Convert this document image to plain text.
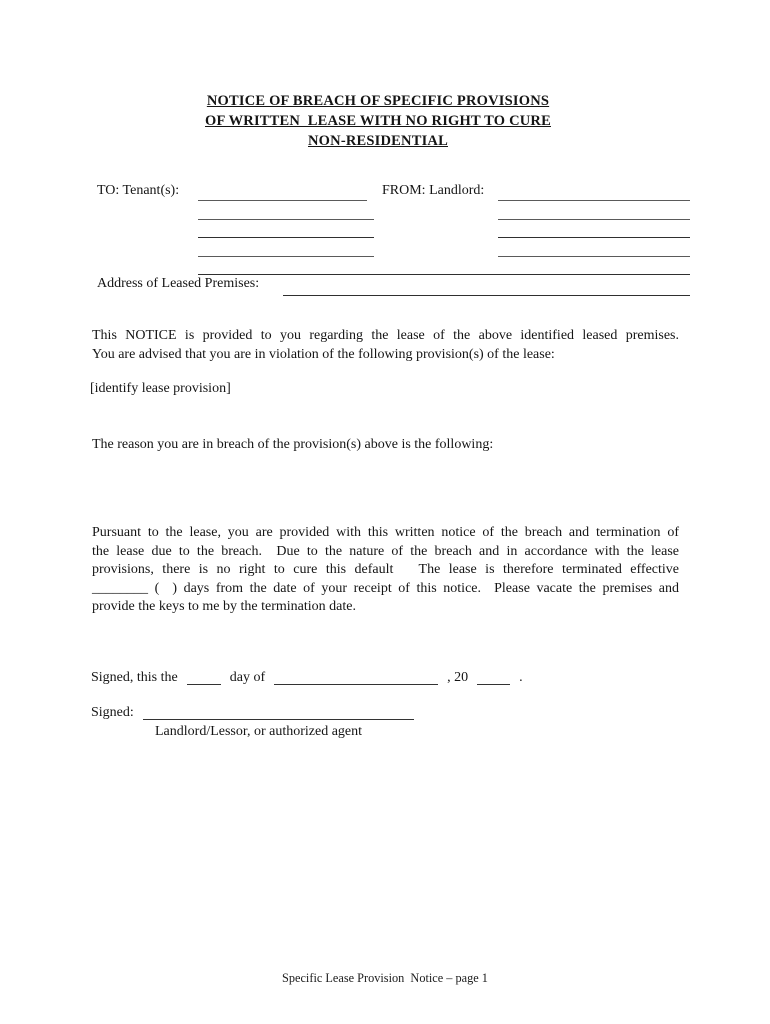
NOTICE OF BREACH OF SPECIFIC PROVISIONS
OF WRITTEN  LEASE WITH NO RIGHT TO CURE
NON-RESIDENTIAL
TO: Tenant(s):	FROM: Landlord:
Address of Leased Premises:
This NOTICE is provided to you regarding the lease of the above identified leased premises.
You are advised that you are in violation of the following provision(s) of the lease:
[identify lease provision]
The reason you are in breach of the provision(s) above is the following:
Pursuant to the lease, you are provided with this written notice of the breach and termination of
the lease due to the breach.  Due to the nature of the breach and in accordance with the lease
provisions, there is no right to cure this default   The lease is therefore terminated effective
________ (  ) days from the date of your receipt of this notice.  Please vacate the premises and
provide the keys to me by the termination date.
Signed, this the	day of	, 20	.
Signed:
Landlord/Lessor, or authorized agent
Specific Lease Provision  Notice – page 1
